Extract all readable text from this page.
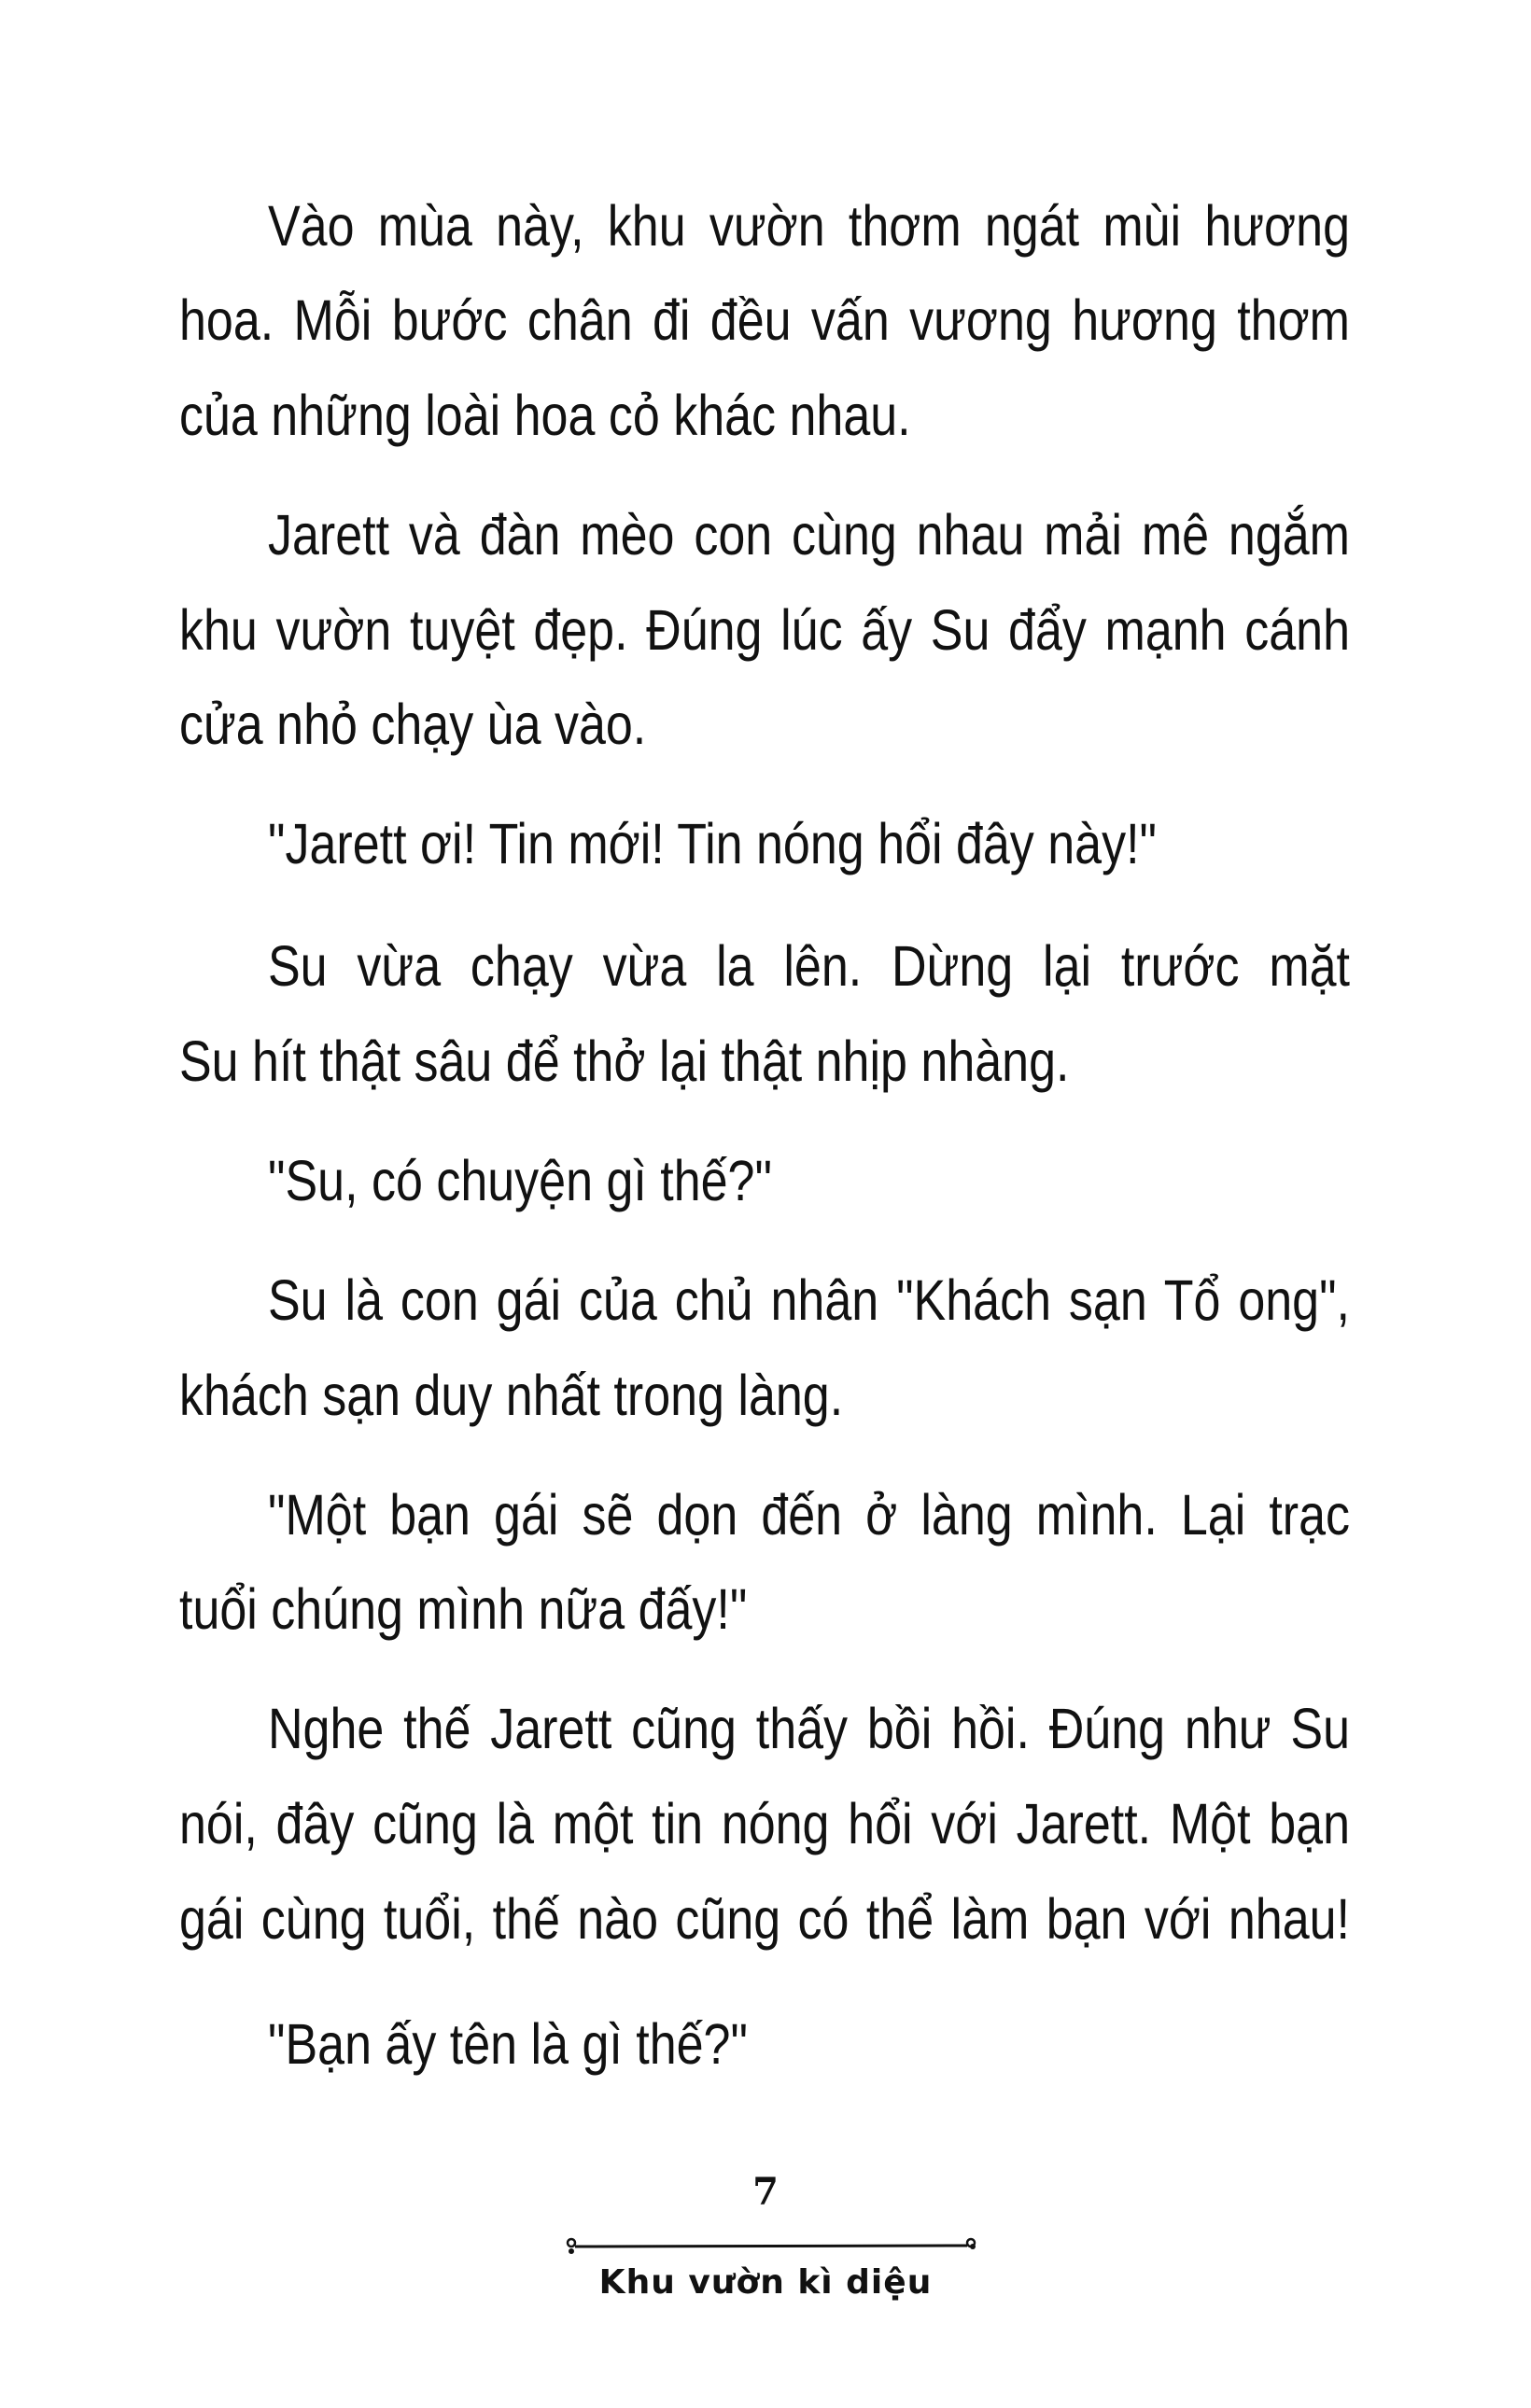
Vào mùa này, khu vườn thơm ngát mùi hương
hoa. Mỗi bước chân đi đều vấn vương hương thơm
của những loài hoa cỏ khác nhau.
Jarett và đàn mèo con cùng nhau mải mê ngắm
khu vườn tuyệt đẹp. Đúng lúc ấy Su đẩy mạnh cánh
cửa nhỏ chạy ùa vào.
"Jarett ơi! Tin mới! Tin nóng hổi đây này!"
Su vừa chạy vừa la lên. Dừng lại trước mặt
Su hít thật sâu để thở lại thật nhịp nhàng.
"Su, có chuyện gì thế?"
Su là con gái của chủ nhân "Khách sạn Tổ ong",
khách sạn duy nhất trong làng.
"Một bạn gái sẽ dọn đến ở làng mình. Lại trạc
tuổi chúng mình nữa đấy!"
Nghe thế Jarett cũng thấy bồi hồi. Đúng như Su
nói, đây cũng là một tin nóng hổi với Jarett. Một bạn
gái cùng tuổi, thế nào cũng có thể làm bạn với nhau!
"Bạn ấy tên là gì thế?"
7
Khu vườn kì diệu
